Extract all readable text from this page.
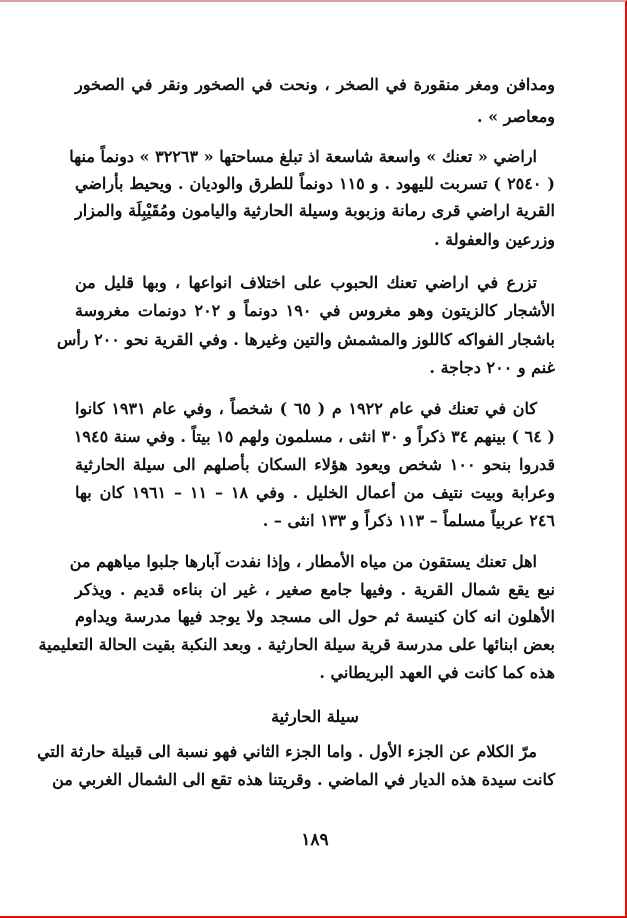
ومدافن ومغر منقورة في الصخر ، ونحت في الصخور ونقر في الصخور
ومعاصر » .
اراضي « تعنك » واسعة شاسعة اذ تبلغ مساحتها « ٣٢٢٦٣ » دونماً منها
( ٢٥٤٠ ) تسربت لليهود . و ١١٥ دونماً للطرق والوديان . ويحيط بأراضي
القرية اراضي قرى رمانة وزبوبة وسيلة الحارثية واليامون ومُقَيْبِلَة والمزار
وزرعين والعفولة .
تزرع في اراضي تعنك الحبوب على اختلاف انواعها ، وبها قليل من
الأشجار كالزيتون وهو مغروس في ١٩٠ دونماً و ٢٠٢ دونمات مغروسة
باشجار الفواكه كاللوز والمشمش والتين وغيرها . وفي القرية نحو ٢٠٠ رأس
غنم و ٢٠٠ دجاجة .
كان في تعنك في عام ١٩٢٢ م ( ٦٥ ) شخصاً ، وفي عام ١٩٣١ كانوا
( ٦٤ ) بينهم ٣٤ ذكراً و ٣٠ انثى ، مسلمون ولهم ١٥ بيتاً . وفي سنة ١٩٤٥
قدروا بنحو ١٠٠ شخص ويعود هؤلاء السكان بأصلهم الى سيلة الحارثية
وعرابة وبيت نتيف من أعمال الخليل . وفي ١٨ – ١١ – ١٩٦١ كان بها
٢٤٦ عربياً مسلماً – ١١٣ ذكراً و ١٣٣ انثى – .
اهل تعنك يستقون من مياه الأمطار ، وإذا نفدت آبارها جلبوا مياههم من
نبع يقع شمال القرية . وفيها جامع صغير ، غير ان بناءه قديم . ويذكر
الأهلون انه كان كنيسة ثم حول الى مسجد ولا يوجد فيها مدرسة ويداوم
بعض ابنائها على مدرسة قرية سيلة الحارثية . وبعد النكبة بقيت الحالة التعليمية
هذه كما كانت في العهد البريطاني .
سيلة الحارثية
مرّ الكلام عن الجزء الأول . واما الجزء الثاني فهو نسبة الى قبيلة حارثة التي
كانت سيدة هذه الديار في الماضي . وقريتنا هذه تقع الى الشمال الغربي من
١٨٩
